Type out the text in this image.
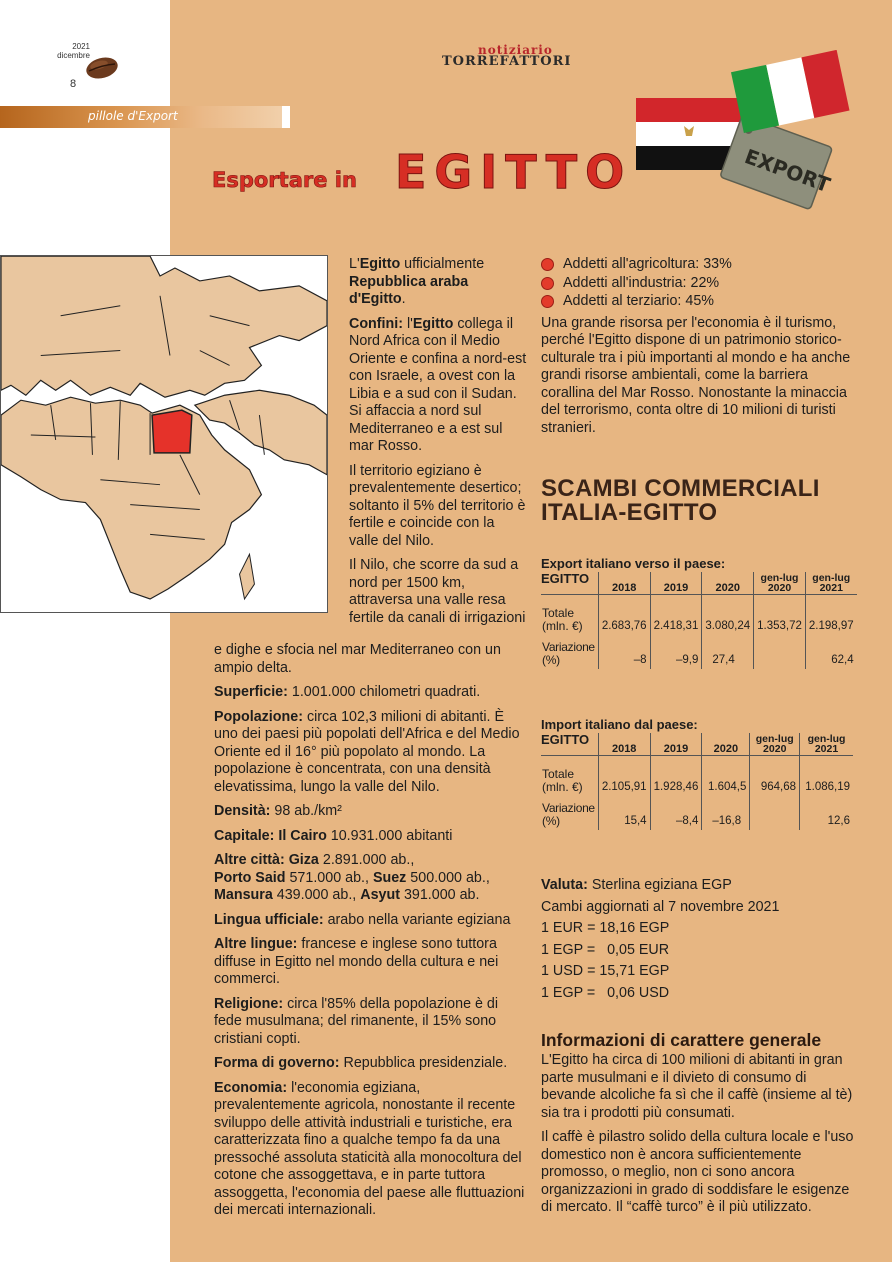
2021
dicembre
8
pillole d'Export
notiziario
TORREFATTORI
Esportare in EGITTO	EXPORT

L'Egitto ufficialmente Repubblica araba d'Egitto.

Confini: l'Egitto collega il Nord Africa con il Medio Oriente e confina a nord-est con Israele, a ovest con la Libia e a sud con il Sudan. Si affaccia a nord sul Mediterraneo e a est sul mar Rosso.

Il territorio egiziano è prevalentemente desertico; soltanto il 5% del territorio è fertile e coincide con la valle del Nilo.

Il Nilo, che scorre da sud a nord per 1500 km, attraversa una valle resa fertile da canali di irrigazioni

e dighe e sfocia nel mar Mediterraneo con un ampio delta.

Superficie: 1.001.000 chilometri quadrati.

Popolazione: circa 102,3 milioni di abitanti. È uno dei paesi più popolati dell'Africa e del Medio Oriente ed il 16° più popolato al mondo. La popolazione è concentrata, con una densità elevatissima, lungo la valle del Nilo.

Densità: 98 ab./km²

Capitale: Il Cairo 10.931.000 abitanti

Altre città: Giza 2.891.000 ab.,
Porto Said 571.000 ab., Suez 500.000 ab.,
Mansura 439.000 ab., Asyut 391.000 ab.

Lingua ufficiale: arabo nella variante egiziana

Altre lingue: francese e inglese sono tuttora diffuse in Egitto nel mondo della cultura e nei commerci.

Religione: circa l'85% della popolazione è di fede musulmana; del rimanente, il 15% sono cristiani copti.

Forma di governo: Repubblica presidenziale.

Economia: l'economia egiziana, prevalentemente agricola, nonostante il recente sviluppo delle attività industriali e turistiche, era caratterizzata fino a qualche tempo fa da una pressoché assoluta staticità alla monocoltura del cotone che assoggettava, e in parte tuttora assoggetta, l'economia del paese alle fluttuazioni dei mercati internazionali.

Addetti all'agricoltura: 33%
Addetti all'industria: 22%
Addetti al terziario: 45%

Una grande risorsa per l'economia è il turismo, perché l'Egitto dispone di un patrimonio storico-culturale tra i più importanti al mondo e ha anche grandi risorse ambientali, come la barriera corallina del Mar Rosso. Nonostante la minaccia del terrorismo, conta oltre di 10 milioni di turisti stranieri.

SCAMBI COMMERCIALI
ITALIA-EGITTO
Export italiano verso il paese:
EGITTO
	2018	2019	2020	gen-lug 2020	gen-lug 2021
Totale (mln. €)	2.683,76	2.418,31	3.080,24	1.353,72	2.198,97
Variazione (%)	–8	–9,9	27,4		62,4
Import italiano dal paese:
EGITTO
	2018	2019	2020	gen-lug 2020	gen-lug 2021
Totale (mln. €)	2.105,91	1.928,46	1.604,5	964,68	1.086,19
Variazione (%)	15,4	–8,4	–16,8		12,6
Valuta: Sterlina egiziana EGP
Cambi aggiornati al 7 novembre 2021
1 EUR = 18,16 EGP
1 EGP =   0,05 EUR
1 USD = 15,71 EGP
1 EGP =   0,06 USD
Informazioni di carattere generale

L'Egitto ha circa di 100 milioni di abitanti in gran parte musulmani e il divieto di consumo di bevande alcoliche fa sì che il caffè (insieme al tè) sia tra i prodotti più consumati.

Il caffè è pilastro solido della cultura locale e l'uso domestico non è ancora sufficientemente promosso, o meglio, non ci sono ancora organizzazioni in grado di soddisfare le esigenze di mercato. Il “caffè turco” è il più utilizzato.
